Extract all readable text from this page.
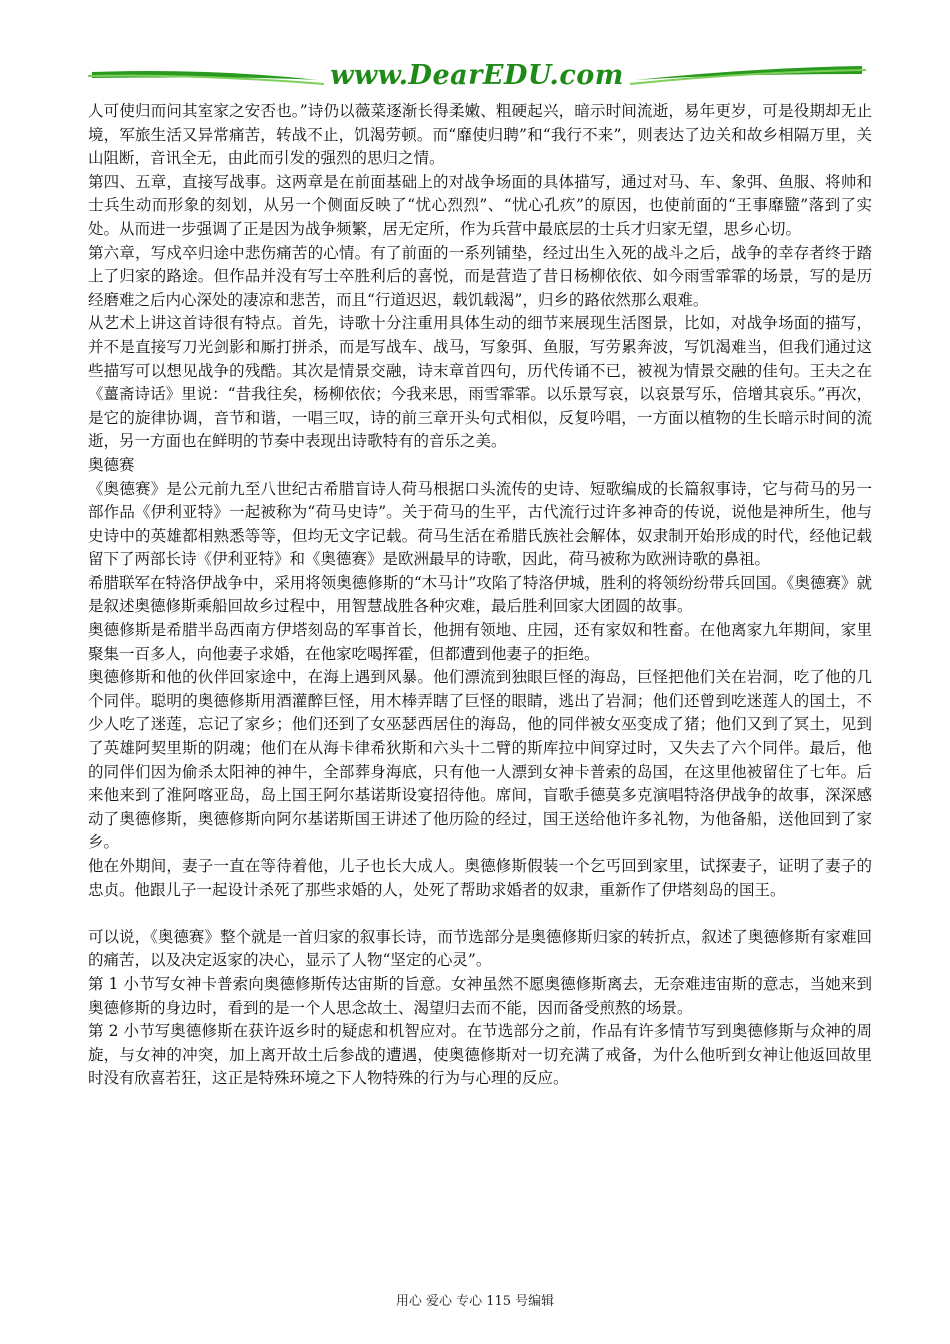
www.DearEDU.com

人可使归而问其室家之安否也。”诗仍以薇菜逐渐长得柔嫩、粗硬起兴，暗示时间流逝，易年更岁，可是役期却无止境，军旅生活又异常痛苦，转战不止，饥渴劳顿。而“靡使归聘”和“我行不来”，则表达了边关和故乡相隔万里，关山阻断，音讯全无，由此而引发的强烈的思归之情。

第四、五章，直接写战事。这两章是在前面基础上的对战争场面的具体描写，通过对马、车、象弭、鱼服、将帅和士兵生动而形象的刻划，从另一个侧面反映了“忧心烈烈”、“忧心孔疚”的原因，也使前面的“王事靡盬”落到了实处。从而进一步强调了正是因为战争频繁，居无定所，作为兵营中最底层的士兵才归家无望，思乡心切。

第六章，写戍卒归途中悲伤痛苦的心情。有了前面的一系列铺垫，经过出生入死的战斗之后，战争的幸存者终于踏上了归家的路途。但作品并没有写士卒胜利后的喜悦，而是营造了昔日杨柳依依、如今雨雪霏霏的场景，写的是历经磨难之后内心深处的凄凉和悲苦，而且“行道迟迟，载饥载渴”，归乡的路依然那么艰难。

从艺术上讲这首诗很有特点。首先，诗歌十分注重用具体生动的细节来展现生活图景，比如，对战争场面的描写，并不是直接写刀光剑影和厮打拼杀，而是写战车、战马，写象弭、鱼服，写劳累奔波，写饥渴难当，但我们通过这些描写可以想见战争的残酷。其次是情景交融，诗末章首四句，历代传诵不已，被视为情景交融的佳句。王夫之在《薑斋诗话》里说：“昔我往矣，杨柳依依；今我来思，雨雪霏霏。以乐景写哀，以哀景写乐，倍增其哀乐。”再次，是它的旋律协调，音节和谐，一唱三叹，诗的前三章开头句式相似，反复吟唱，一方面以植物的生长暗示时间的流逝，另一方面也在鲜明的节奏中表现出诗歌特有的音乐之美。

奥德赛

《奥德赛》是公元前九至八世纪古希腊盲诗人荷马根据口头流传的史诗、短歌编成的长篇叙事诗，它与荷马的另一部作品《伊利亚特》一起被称为“荷马史诗”。关于荷马的生平，古代流行过许多神奇的传说，说他是神所生，他与史诗中的英雄都相熟悉等等，但均无文字记载。荷马生活在希腊氏族社会解体，奴隶制开始形成的时代，经他记载留下了两部长诗《伊利亚特》和《奥德赛》是欧洲最早的诗歌，因此，荷马被称为欧洲诗歌的鼻祖。

希腊联军在特洛伊战争中，采用将领奥德修斯的“木马计”攻陷了特洛伊城，胜利的将领纷纷带兵回国。《奥德赛》就是叙述奥德修斯乘船回故乡过程中，用智慧战胜各种灾难，最后胜利回家大团圆的故事。

奥德修斯是希腊半岛西南方伊塔刻岛的军事首长，他拥有领地、庄园，还有家奴和牲畜。在他离家九年期间，家里聚集一百多人，向他妻子求婚，在他家吃喝挥霍，但都遭到他妻子的拒绝。

奥德修斯和他的伙伴回家途中，在海上遇到风暴。他们漂流到独眼巨怪的海岛，巨怪把他们关在岩洞，吃了他的几个同伴。聪明的奥德修斯用酒灌醉巨怪，用木棒弄瞎了巨怪的眼睛，逃出了岩洞；他们还曾到吃迷莲人的国土，不少人吃了迷莲，忘记了家乡；他们还到了女巫瑟西居住的海岛，他的同伴被女巫变成了猪；他们又到了冥土，见到了英雄阿契里斯的阴魂；他们在从海卡律希狄斯和六头十二臂的斯库拉中间穿过时，又失去了六个同伴。最后，他的同伴们因为偷杀太阳神的神牛，全部葬身海底，只有他一人漂到女神卡普索的岛国，在这里他被留住了七年。后来他来到了淮阿喀亚岛，岛上国王阿尔基诺斯设宴招待他。席间，盲歌手德莫多克演唱特洛伊战争的故事，深深感动了奥德修斯，奥德修斯向阿尔基诺斯国王讲述了他历险的经过，国王送给他许多礼物，为他备船，送他回到了家乡。

他在外期间，妻子一直在等待着他，儿子也长大成人。奥德修斯假装一个乞丐回到家里，试探妻子，证明了妻子的忠贞。他跟儿子一起设计杀死了那些求婚的人，处死了帮助求婚者的奴隶，重新作了伊塔刻岛的国王。

可以说，《奥德赛》整个就是一首归家的叙事长诗，而节选部分是奥德修斯归家的转折点，叙述了奥德修斯有家难回的痛苦，以及决定返家的决心，显示了人物“坚定的心灵”。

第 1 小节写女神卡普索向奥德修斯传达宙斯的旨意。女神虽然不愿奥德修斯离去，无奈难违宙斯的意志，当她来到奥德修斯的身边时，看到的是一个人思念故土、渴望归去而不能，因而备受煎熬的场景。

第 2 小节写奥德修斯在获许返乡时的疑虑和机智应对。在节选部分之前，作品有许多情节写到奥德修斯与众神的周旋，与女神的冲突，加上离开故土后参战的遭遇，使奥德修斯对一切充满了戒备，为什么他听到女神让他返回故里时没有欣喜若狂，这正是特殊环境之下人物特殊的行为与心理的反应。

用心 爱心 专心 115 号编辑
